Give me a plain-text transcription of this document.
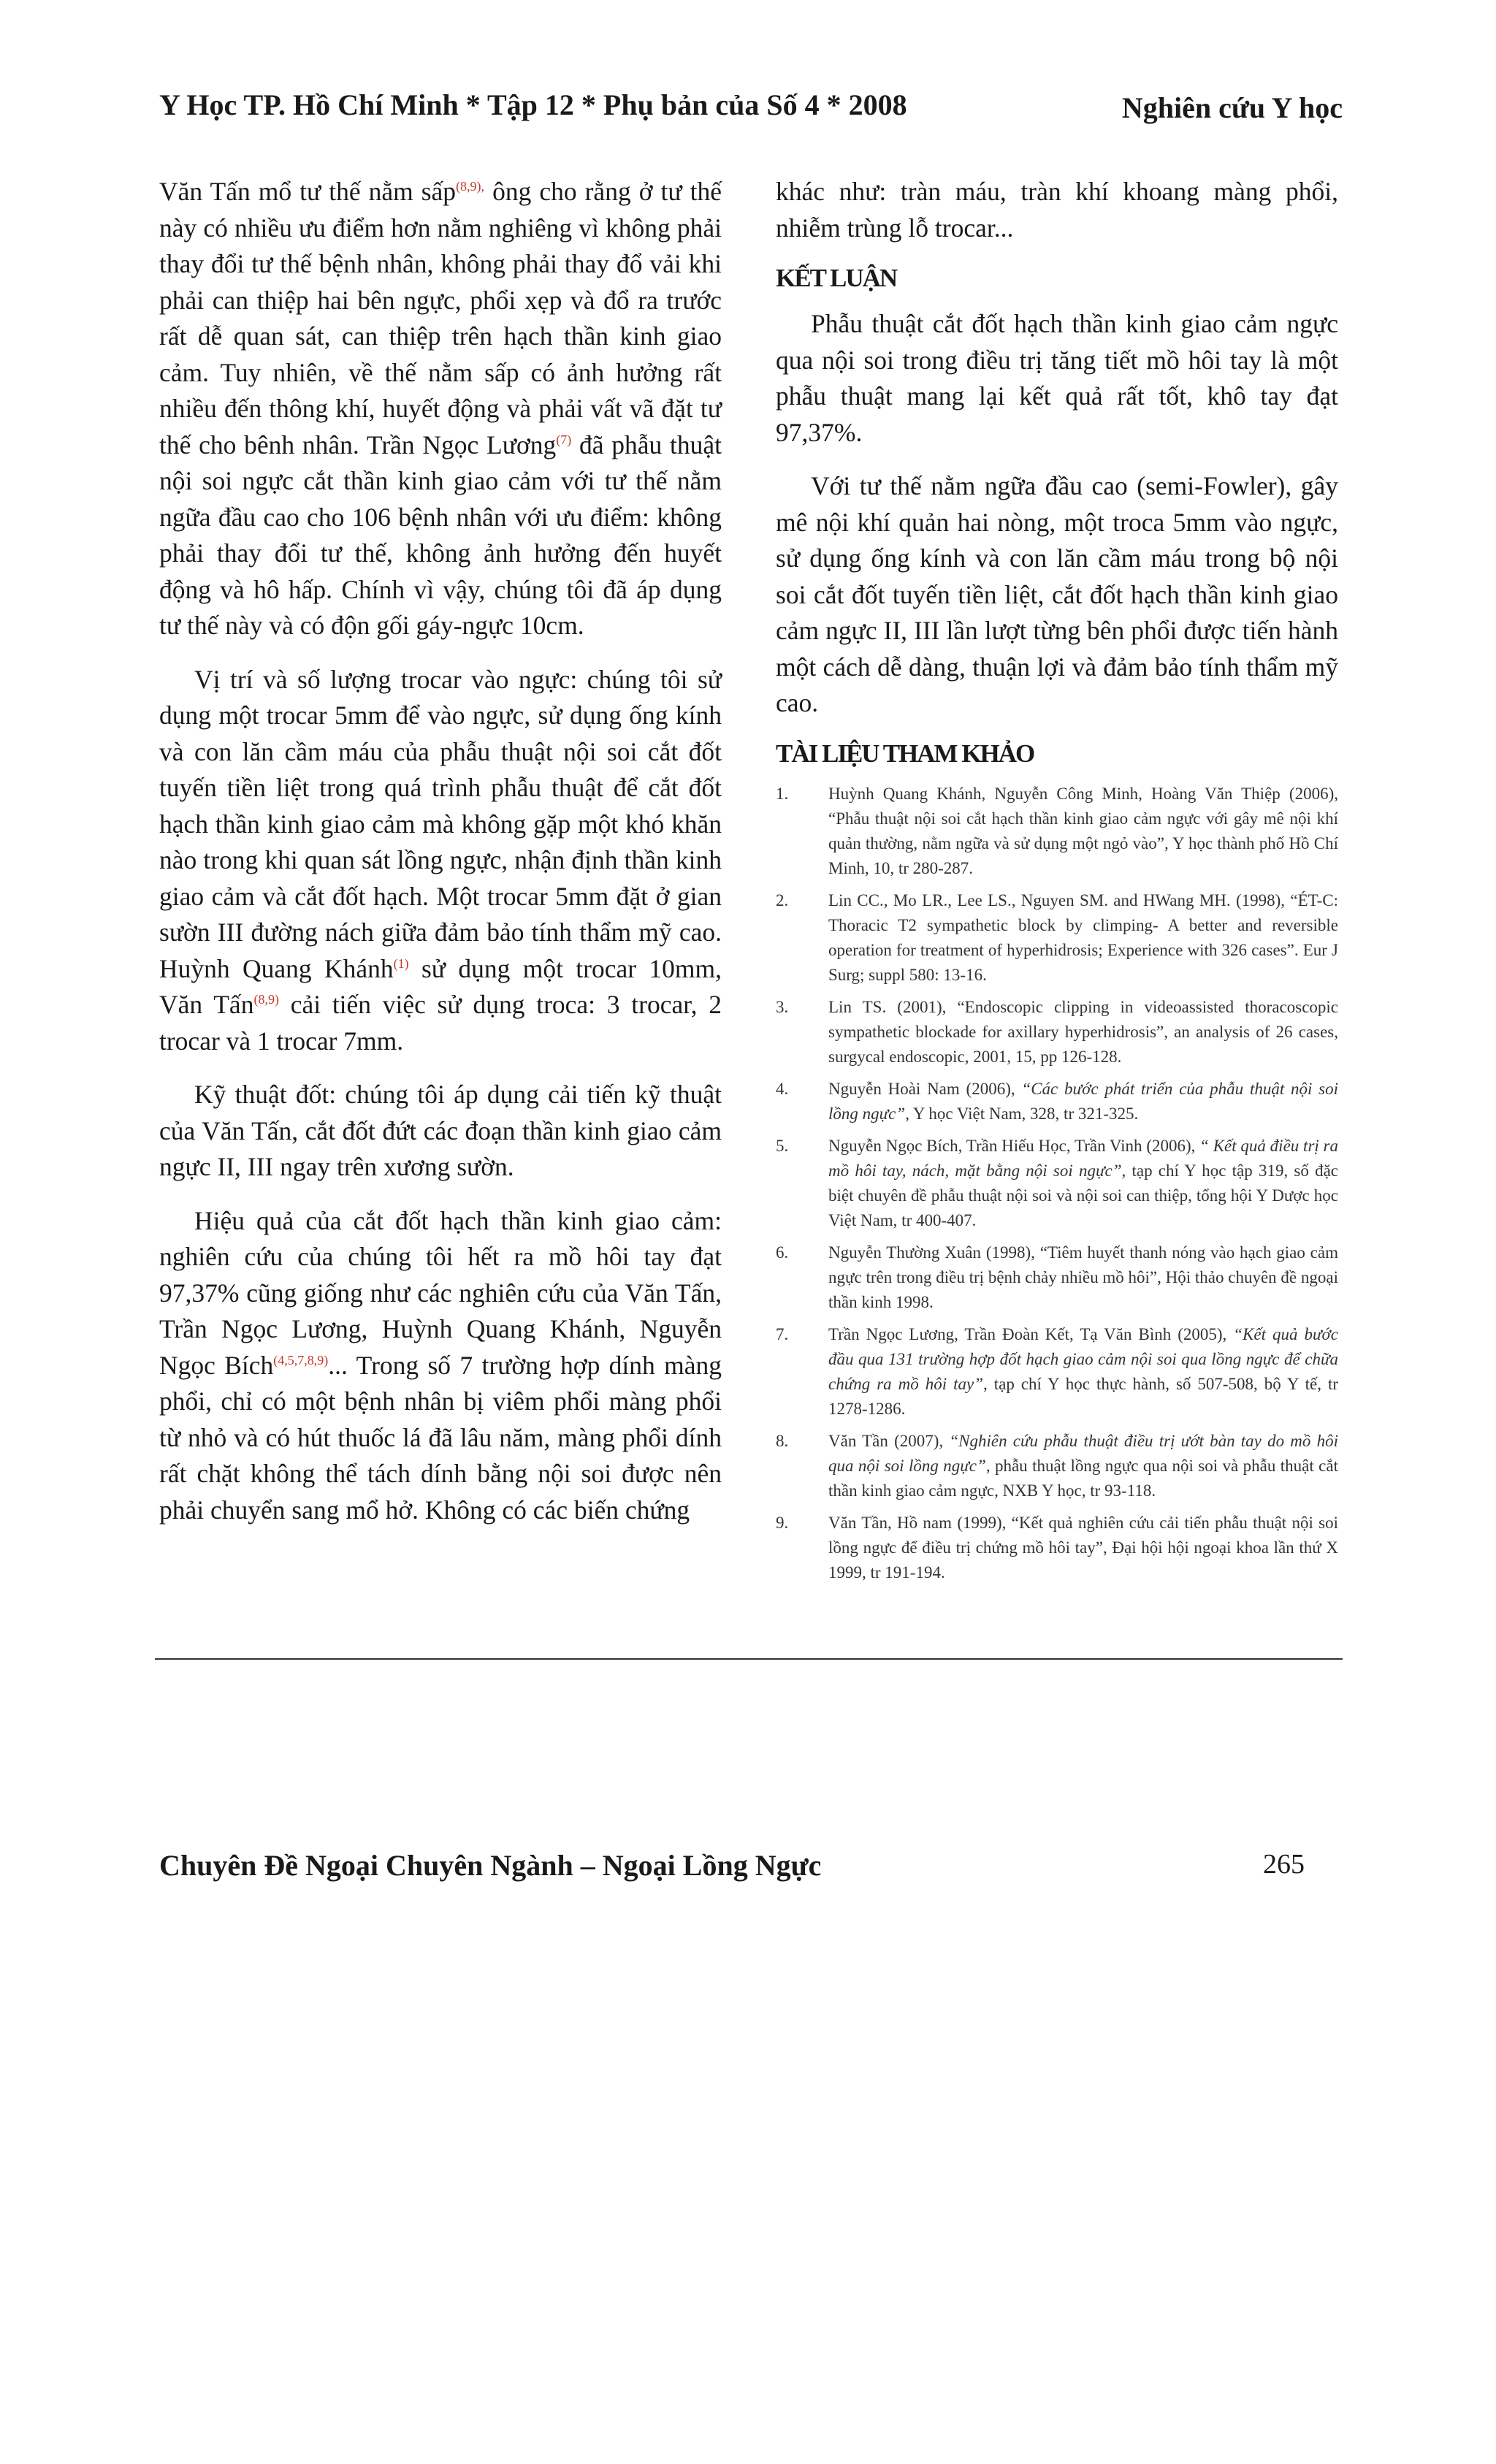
Y Học TP. Hồ Chí Minh * Tập 12 * Phụ bản của Số 4 * 2008	Nghiên cứu Y học

Văn Tấn mổ tư thế nằm sấp$^{(8,9),}$ ông cho rằng ở tư thế này có nhiều ưu điểm hơn nằm nghiêng vì không phải thay đổi tư thế bệnh nhân, không phải thay đổ vải khi phải can thiệp hai bên ngực, phổi xẹp và đổ ra trước rất dễ quan sát, can thiệp trên hạch thần kinh giao cảm. Tuy nhiên, về thế nằm sấp có ảnh hưởng rất nhiều đến thông khí, huyết động và phải vất vã đặt tư thế cho bênh nhân. Trần Ngọc Lương$^{(7)}$ đã phẫu thuật nội soi ngực cắt thần kinh giao cảm với tư thế nằm ngữa đầu cao cho 106 bệnh nhân với ưu điểm: không phải thay đổi tư thế, không ảnh hưởng đến huyết động và hô hấp. Chính vì vậy, chúng tôi đã áp dụng tư thế này và có độn gối gáy-ngực 10cm.

Vị trí và số lượng trocar vào ngực: chúng tôi sử dụng một trocar 5mm để vào ngực, sử dụng ống kính và con lăn cầm máu của phẫu thuật nội soi cắt đốt tuyến tiền liệt trong quá trình phẫu thuật để cắt đốt hạch thần kinh giao cảm mà không gặp một khó khăn nào trong khi quan sát lồng ngực, nhận định thần kinh giao cảm và cắt đốt hạch. Một trocar 5mm đặt ở gian sườn III đường nách giữa đảm bảo tính thẩm mỹ cao. Huỳnh Quang Khánh$^{(1)}$ sử dụng một trocar 10mm, Văn Tấn$^{(8,9)}$ cải tiến việc sử dụng troca: 3 trocar, 2 trocar và 1 trocar 7mm.

Kỹ thuật đốt: chúng tôi áp dụng cải tiến kỹ thuật của Văn Tấn, cắt đốt đứt các đoạn thần kinh giao cảm ngực II, III ngay trên xương sườn.

Hiệu quả của cắt đốt hạch thần kinh giao cảm: nghiên cứu của chúng tôi hết ra mồ hôi tay đạt 97,37% cũng giống như các nghiên cứu của Văn Tấn, Trần Ngọc Lương, Huỳnh Quang Khánh, Nguyễn Ngọc Bích$^{(4,5,7,8,9)}$... Trong số 7 trường hợp dính màng phổi, chỉ có một bệnh nhân bị viêm phổi màng phổi từ nhỏ và có hút thuốc lá đã lâu năm, màng phổi dính rất chặt không thể tách dính bằng nội soi được nên phải chuyển sang mổ hở. Không có các biến chứng

khác như: tràn máu, tràn khí khoang màng phổi, nhiễm trùng lỗ trocar...

KẾT LUẬN

Phẫu thuật cắt đốt hạch thần kinh giao cảm ngực qua nội soi trong điều trị tăng tiết mồ hôi tay là một phẫu thuật mang lại kết quả rất tốt, khô tay đạt 97,37%.

Với tư thế nằm ngữa đầu cao (semi-Fowler), gây mê nội khí quản hai nòng, một troca 5mm vào ngực, sử dụng ống kính và con lăn cầm máu trong bộ nội soi cắt đốt tuyến tiền liệt, cắt đốt hạch thần kinh giao cảm ngực II, III lần lượt từng bên phổi được tiến hành một cách dễ dàng, thuận lợi và đảm bảo tính thẩm mỹ cao.

TÀI LIỆU THAM KHẢO
1. Huỳnh Quang Khánh, Nguyễn Công Minh, Hoàng Văn Thiệp (2006), “Phẫu thuật nội soi cắt hạch thần kinh giao cảm ngực với gây mê nội khí quản thường, nằm ngữa và sử dụng một ngỏ vào”, Y học thành phố Hồ Chí Minh, 10, tr 280-287.
2. Lin CC., Mo LR., Lee LS., Nguyen SM. and HWang MH. (1998), “ÉT-C: Thoracic T2 sympathetic block by climping- A better and reversible operation for treatment of hyperhidrosis; Experience with 326 cases”. Eur J Surg; suppl 580: 13-16.
3. Lin TS. (2001), “Endoscopic clipping in videoassisted thoracoscopic sympathetic blockade for axillary hyperhidrosis”, an analysis of 26 cases, surgycal endoscopic, 2001, 15, pp 126-128.
4. Nguyễn Hoài Nam (2006), “Các bước phát triển của phẫu thuật nội soi lồng ngực”, Y học Việt Nam, 328, tr 321-325.
5. Nguyễn Ngọc Bích, Trần Hiếu Học, Trần Vinh (2006), “ Kết quả điều trị ra mồ hôi tay, nách, mặt bằng nội soi ngực”, tạp chí Y học tập 319, số đặc biệt chuyên đề phẫu thuật nội soi và nội soi can thiệp, tổng hội Y Dược học Việt Nam, tr 400-407.
6. Nguyễn Thường Xuân (1998), “Tiêm huyết thanh nóng vào hạch giao cảm ngực trên trong điều trị bệnh chảy nhiều mồ hôi”, Hội thảo chuyên đề ngoại thần kinh 1998.
7. Trần Ngọc Lương, Trần Đoàn Kết, Tạ Văn Bình (2005), “Kết quả bước đầu qua 131 trường hợp đốt hạch giao cảm nội soi qua lồng ngực để chữa chứng ra mồ hôi tay”, tạp chí Y học thực hành, số 507-508, bộ Y tế, tr 1278-1286.
8. Văn Tần (2007), “Nghiên cứu phẫu thuật điều trị ướt bàn tay do mồ hôi qua nội soi lồng ngực”, phẫu thuật lồng ngực qua nội soi và phẫu thuật cắt thần kinh giao cảm ngực, NXB Y học, tr 93-118.
9. Văn Tần, Hồ nam (1999), “Kết quả nghiên cứu cải tiến phẫu thuật nội soi lồng ngực để điều trị chứng mồ hôi tay”, Đại hội hội ngoại khoa lần thứ X 1999, tr 191-194.
Chuyên Đề Ngoại Chuyên Ngành – Ngoại Lồng Ngực	265
